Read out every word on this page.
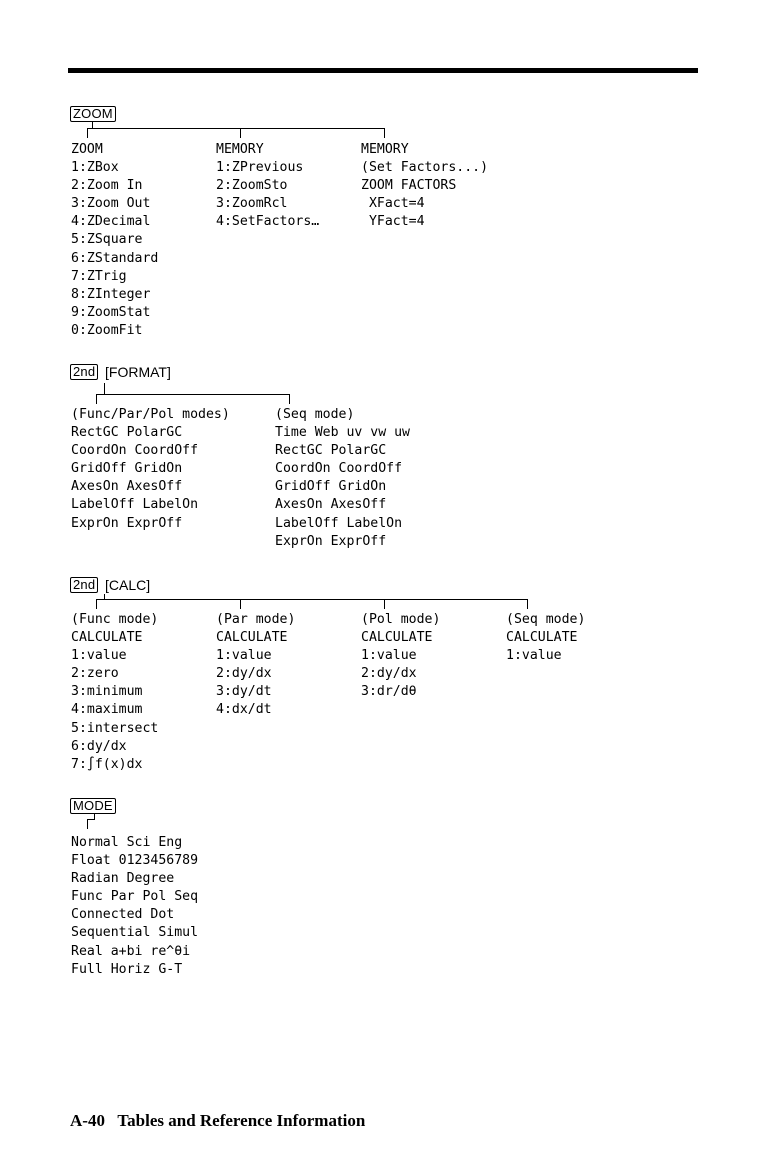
ZOOM
ZOOM
1:ZBox
2:Zoom In
3:Zoom Out
4:ZDecimal
5:ZSquare
6:ZStandard
7:ZTrig
8:ZInteger
9:ZoomStat
0:ZoomFit
MEMORY
1:ZPrevious
2:ZoomSto
3:ZoomRcl
4:SetFactors…
MEMORY
(Set Factors...)
ZOOM FACTORS
XFact=4
YFact=4
2nd [FORMAT]
(Func/Par/Pol modes)
RectGC PolarGC
CoordOn CoordOff
GridOff GridOn
AxesOn AxesOff
LabelOff LabelOn
ExprOn ExprOff
(Seq mode)
Time Web uv vw uw
RectGC PolarGC
CoordOn CoordOff
GridOff GridOn
AxesOn AxesOff
LabelOff LabelOn
ExprOn ExprOff
2nd [CALC]
(Func mode)
CALCULATE
1:value
2:zero
3:minimum
4:maximum
5:intersect
6:dy/dx
7:∫f(x)dx
(Par mode)
CALCULATE
1:value
2:dy/dx
3:dy/dt
4:dx/dt
(Pol mode)
CALCULATE
1:value
2:dy/dx
3:dr/dθ
(Seq mode)
CALCULATE
1:value
MODE
Normal Sci Eng
Float 0123456789
Radian Degree
Func Par Pol Seq
Connected Dot
Sequential Simul
Real a+bi re^θi
Full Horiz G-T
A-40   Tables and Reference Information
